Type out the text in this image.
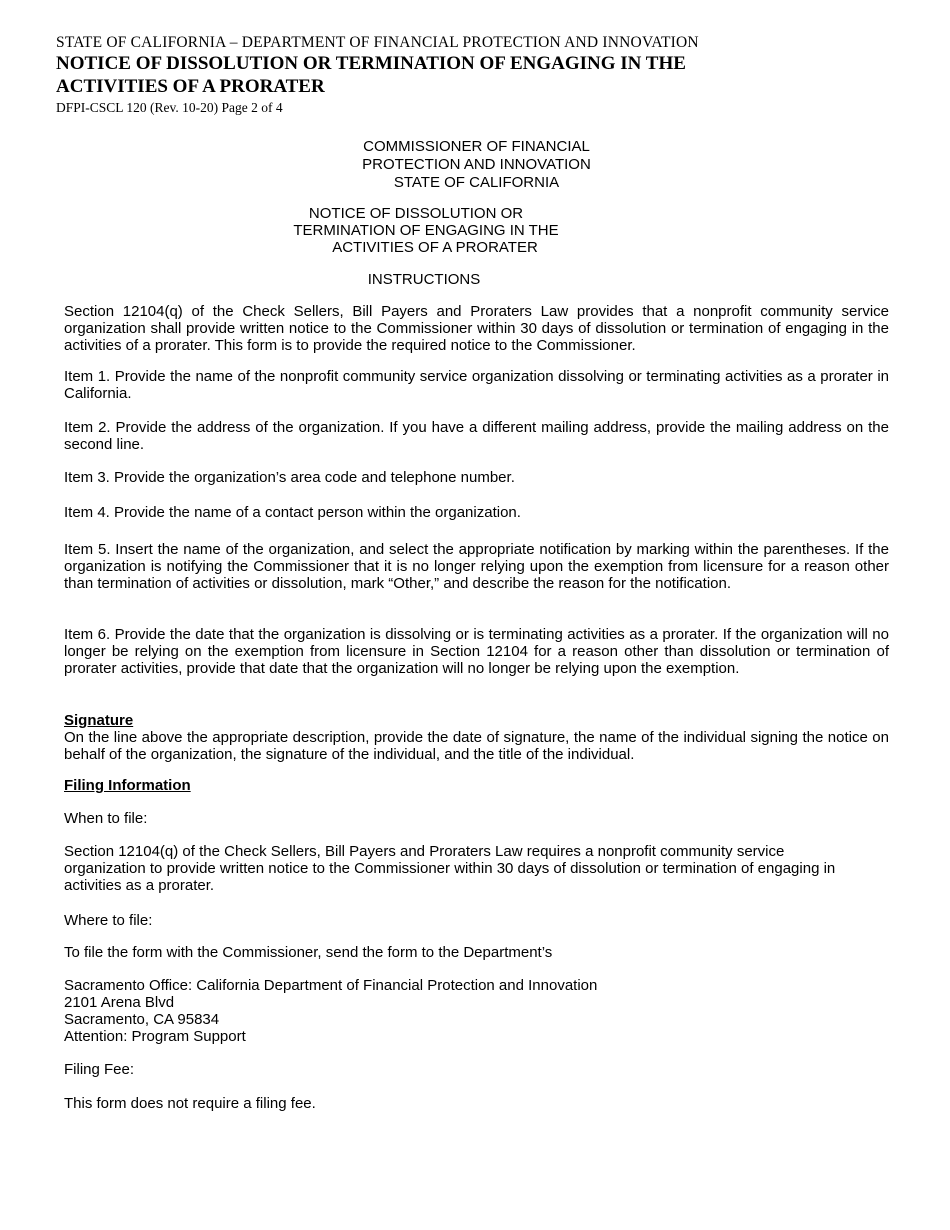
STATE OF CALIFORNIA – DEPARTMENT OF FINANCIAL PROTECTION AND INNOVATION
NOTICE OF DISSOLUTION OR TERMINATION OF ENGAGING IN THE
ACTIVITIES OF A PRORATER
DFPI-CSCL 120 (Rev. 10-20) Page 2 of 4
COMMISSIONER OF FINANCIAL
PROTECTION AND INNOVATION
STATE OF CALIFORNIA
NOTICE OF DISSOLUTION OR
TERMINATION OF ENGAGING IN THE
ACTIVITIES OF A PRORATER
INSTRUCTIONS
Section 12104(q) of the Check Sellers, Bill Payers and Proraters Law provides that a nonprofit community service organization shall provide written notice to the Commissioner within 30 days of dissolution or termination of engaging in the activities of a prorater. This form is to provide the required notice to the Commissioner.
Item 1. Provide the name of the nonprofit community service organization dissolving or terminating activities as a prorater in California.
Item 2. Provide the address of the organization. If you have a different mailing address, provide the mailing address on the second line.
Item 3. Provide the organization’s area code and telephone number.
Item 4. Provide the name of a contact person within the organization.
Item 5. Insert the name of the organization, and select the appropriate notification by marking within the parentheses. If the organization is notifying the Commissioner that it is no longer relying upon the exemption from licensure for a reason other than termination of activities or dissolution, mark “Other,” and describe the reason for the notification.
Item 6. Provide the date that the organization is dissolving or is terminating activities as a prorater. If the organization will no longer be relying on the exemption from licensure in Section 12104 for a reason other than dissolution or termination of prorater activities, provide that date that the organization will no longer be relying upon the exemption.
Signature
On the line above the appropriate description, provide the date of signature, the name of the individual signing the notice on behalf of the organization, the signature of the individual, and the title of the individual.
Filing Information
When to file:
Section 12104(q) of the Check Sellers, Bill Payers and Proraters Law requires a nonprofit community service organization to provide written notice to the Commissioner within 30 days of dissolution or termination of engaging in activities as a prorater.
Where to file:
To file the form with the Commissioner, send the form to the Department’s
Sacramento Office: California Department of Financial Protection and Innovation
2101 Arena Blvd
Sacramento, CA 95834
Attention: Program Support
Filing Fee:
This form does not require a filing fee.
